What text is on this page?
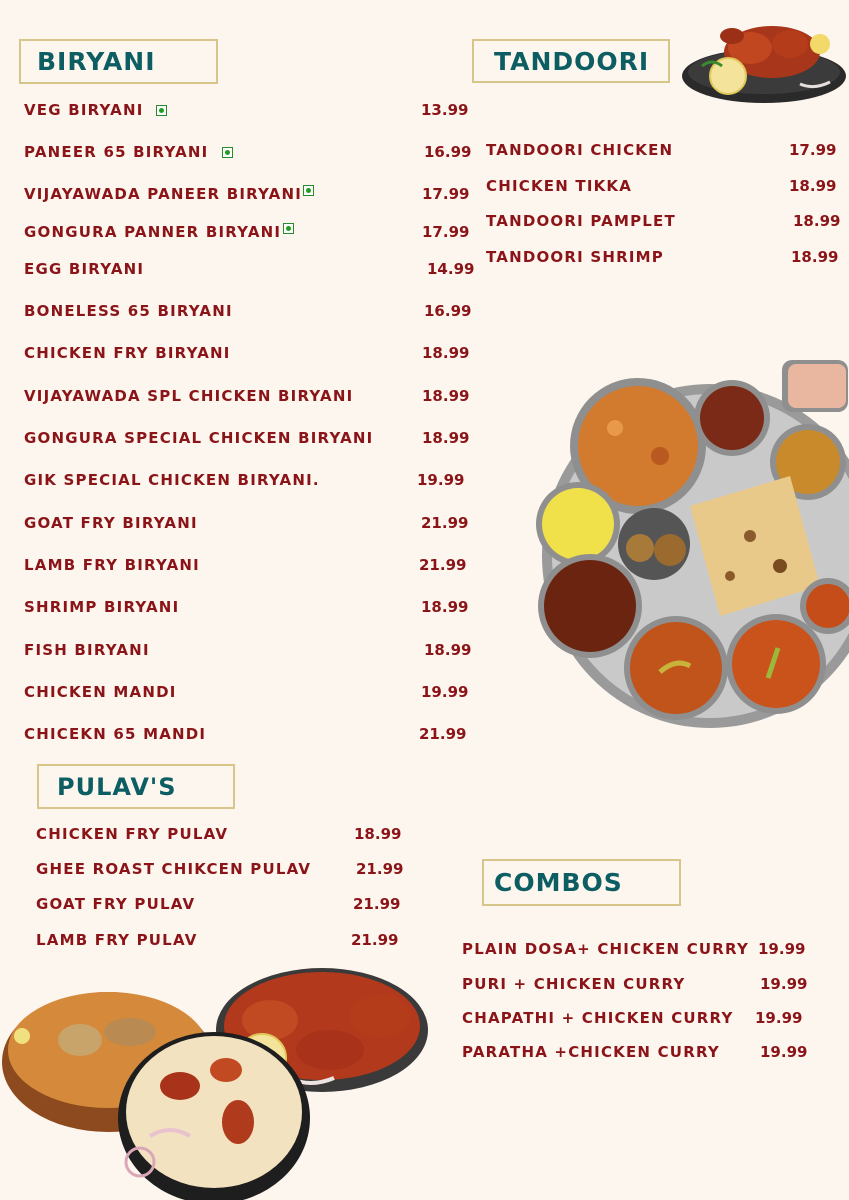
BIRYANI
VEG BIRYANI	13.99
PANEER 65 BIRYANI	16.99
VIJAYAWADA PANEER BIRYANI	17.99
GONGURA PANNER BIRYANI	17.99
EGG BIRYANI	14.99
BONELESS 65 BIRYANI	16.99
CHICKEN FRY BIRYANI	18.99
VIJAYAWADA SPL CHICKEN BIRYANI	18.99
GONGURA SPECIAL CHICKEN BIRYANI	18.99
GIK SPECIAL CHICKEN BIRYANI.	19.99
GOAT FRY BIRYANI	21.99
LAMB FRY BIRYANI	21.99
SHRIMP BIRYANI	18.99
FISH BIRYANI	18.99
CHICKEN MANDI	19.99
CHICEKN 65 MANDI	21.99
TANDOORI
TANDOORI CHICKEN	17.99
CHICKEN TIKKA	18.99
TANDOORI PAMPLET	18.99
TANDOORI SHRIMP	18.99
PULAV'S
CHICKEN FRY PULAV	18.99
GHEE ROAST CHIKCEN PULAV	21.99
GOAT FRY PULAV	21.99
LAMB FRY PULAV	21.99
COMBOS
PLAIN DOSA+ CHICKEN CURRY 19.99
PURI + CHICKEN CURRY	19.99
CHAPATHI + CHICKEN CURRY 19.99
PARATHA +CHICKEN CURRY	19.99
